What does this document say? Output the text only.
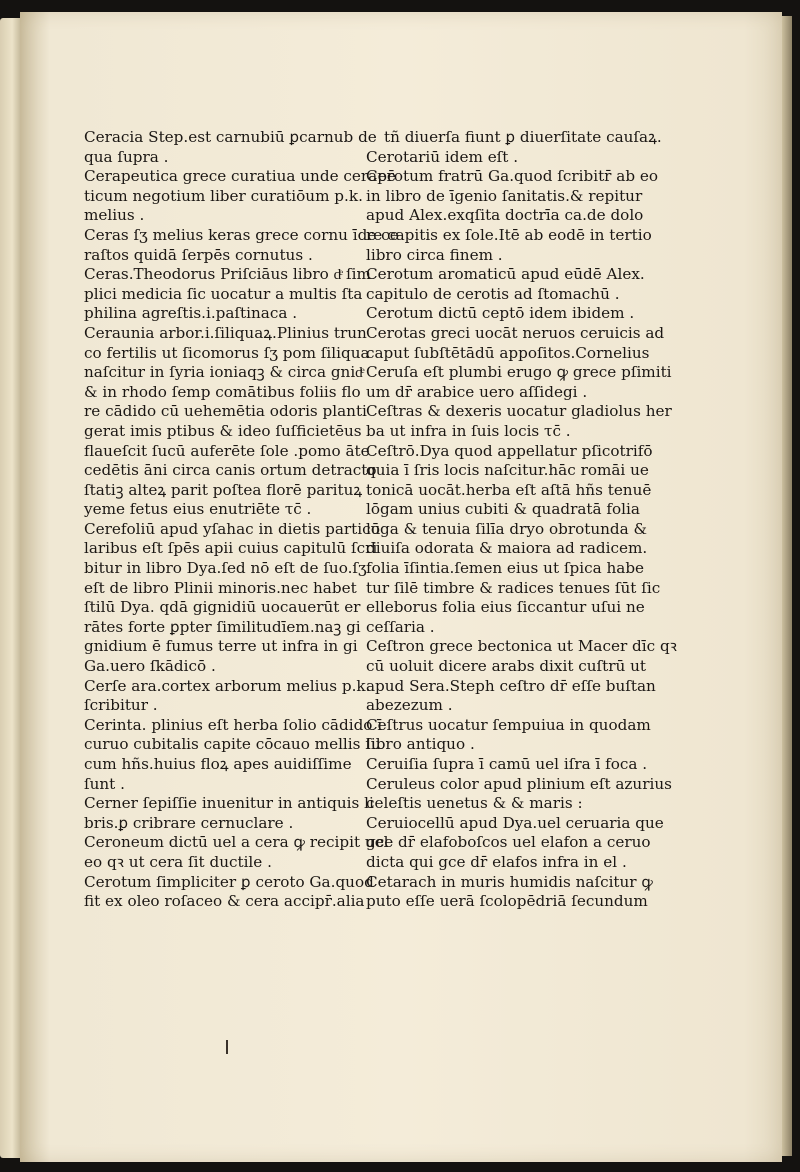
Ceracia Step.est carnubiū ꝑcarnub de
qua ſupra .

Cerapeutica grece curatiua unde cerapē
ticum negotium liber curatiōum p.k.
melius .

Ceras ſʒ melius keras grece cornu īde ce
raſtos quidā ſerpēs cornutus .

Ceras.Theodorus Priſciāus libro dͤ ſim
plici medicia ſic uocatur a multis ſta
philina agreſtis.i.paſtinaca .

Ceraunia arbor.i.ſiliquaꝝ.Plinius trun
co fertilis ut ſicomorus ſʒ pom ſiliqua
naſcitur in ſyria ioniaqꝫ & circa gnidͤ
& in rhodo ſemp comātibus foliis flo
re cādido cū uehemētia odoris planti
gerat imis ptibus & ideo ſuſficietēus
flaueſcit ſucū auferēte ſole .pomo āte
cedētis āni circa canis ortum detracto
ſtatiꝫ alteꝝ parit poſtea florē parituꝝ
yeme fetus eius enutriēte τc̄ .

Cerefoliū apud yſahac in dietis particu
laribus eſt ſpēs apii cuius capitulū ſcri
bitur in libro Dya.ſed nō eſt de ſuo.ſʒ
eſt de libro Plinii minoris.nec habet
ſtilū Dya. qdā gignidiū uocauerūt er
rātes forte ꝑpter ſimilitudīem.naꝫ gi
gnidium ē fumus terre ut infra in gi
Ga.uero ſkādicō .

Cerſe ara.cortex arborum melius p.k.
ſcribitur .

Cerinta. plinius eſt herba ſolio cādido ī
curuo cubitalis capite cōcauo mellis ſu
cum hñs.huius floꝝ apes auidiſſime
ſunt .

Cerner ſepiſſie inuenitur in antiquis li
bris.ꝑ cribrare cernuclare .

Ceroneum dictū uel a cera ꝙ recipit uel
eo qꝛ ut cera ſit ductile .

Cerotum ſimpliciter ꝑ ceroto Ga.quod
fit ex oleo roſaceo & cera accipr̄.alia

tñ diuerſa fiunt ꝑ diuerſitate cauſaꝝ.

Cerotariū idem eſt .

Cerotum fratrū Ga.quod ſcribitr̄ ab eo
in libro de īgenio ſanitatis.& repitur
apud Alex.exqſita doctrīa ca.de dolo
re capitis ex ſole.Itē ab eodē in tertio
libro circa finem .

Cerotum aromaticū apud eūdē Alex.
capitulo de cerotis ad ſtomachū .

Cerotum dictū ceptō idem ibidem .

Cerotas greci uocāt neruos ceruicis ad
caput ſubſtētādū appoſitos.Cornelius

Ceruſa eſt plumbi erugo ꝙ grece pſimiti
um dr̄ arabice uero aſſidegi .

Ceſtras & dexeris uocatur gladiolus her
ba ut infra in ſuis locis τc̄ .

Ceſtrō.Dya quod appellatur pſicotrifō
quia ī ſris locis naſcitur.hāc romāi ue
tonicā uocāt.herba eſt aſtā hñs tenuē
lōgam unius cubiti & quadratā folia
lōga & tenuia ſilīa dryo obrotunda &
diuiſa odorata & maiora ad radicem.
folia īſintia.ſemen eius ut ſpica habe
tur ſilē timbre & radices tenues ſūt ſic
elleborus folia eius ſiccantur uſui ne
ceſſaria .

Ceſtron grece bectonica ut Macer dīc qꝛ
cū uoluit dicere arabs dixit cuſtrū ut
apud Sera.Steph ceſtro dr̄ eſſe buſtan
abezezum .

Ceſtrus uocatur ſempuiua in quodam
libro antiquo .

Ceruiſia ſupra ī camū uel iſra ī foca .

Ceruleus color apud plinium eſt azurius
celeſtis uenetus & & maris :

Ceruiocellū apud Dya.uel ceruaria que
gce dr̄ elafoboſcos uel elafon a ceruo
dicta qui gce dr̄ elafos infra in el .

Cetarach in muris humidis naſcitur ꝙ
puto eſſe uerā ſcolopēdriā ſecundum
